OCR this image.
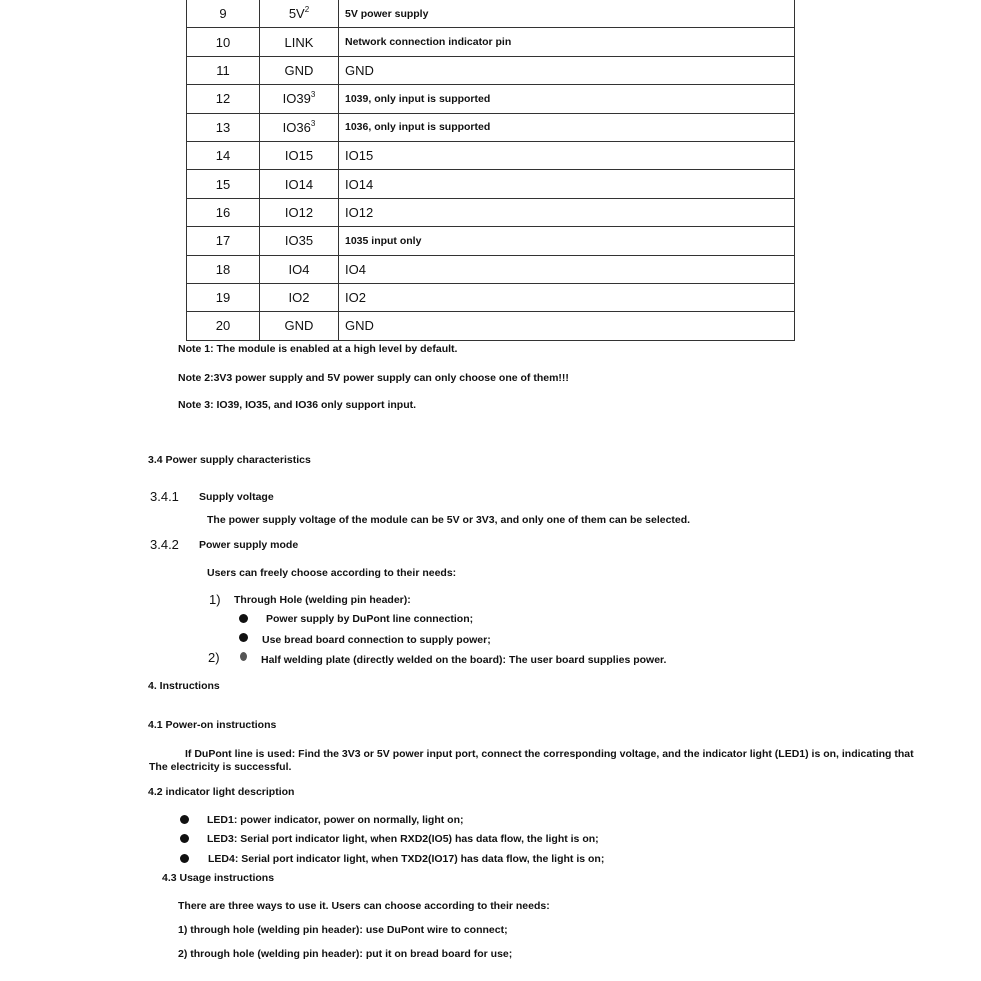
9	$5V^2$	5V power supply
10	LINK	Network connection indicator pin
11	GND	GND
12	$IO39^3$	1039, only input is supported
13	$IO36^3$	1036, only input is supported
14	IO15	IO15
15	IO14	IO14
16	IO12	IO12
17	IO35	1035 input only
18	IO4	IO4
19	IO2	IO2
20	GND	GND
Note 1: The module is enabled at a high level by default.
Note 2:3V3 power supply and 5V power supply can only choose one of them!!!
Note 3: IO39, IO35, and IO36 only support input.
3.4 Power supply characteristics
3.4.1 Supply voltage
The power supply voltage of the module can be 5V or 3V3, and only one of them can be selected.
3.4.2 Power supply mode
Users can freely choose according to their needs:
1) Through Hole (welding pin header):
Power supply by DuPont line connection;
Use bread board connection to supply power;
2)	Half welding plate (directly welded on the board): The user board supplies power.
4. Instructions
4.1 Power-on instructions
If DuPont line is used: Find the 3V3 or 5V power input port, connect the corresponding voltage, and the indicator light (LED1) is on, indicating that
The electricity is successful.
4.2 indicator light description
LED1: power indicator, power on normally, light on;
LED3: Serial port indicator light, when RXD2(IO5) has data flow, the light is on;
LED4: Serial port indicator light, when TXD2(IO17) has data flow, the light is on;
4.3 Usage instructions
There are three ways to use it. Users can choose according to their needs:
1) through hole (welding pin header): use DuPont wire to connect;
2) through hole (welding pin header): put it on bread board for use;
